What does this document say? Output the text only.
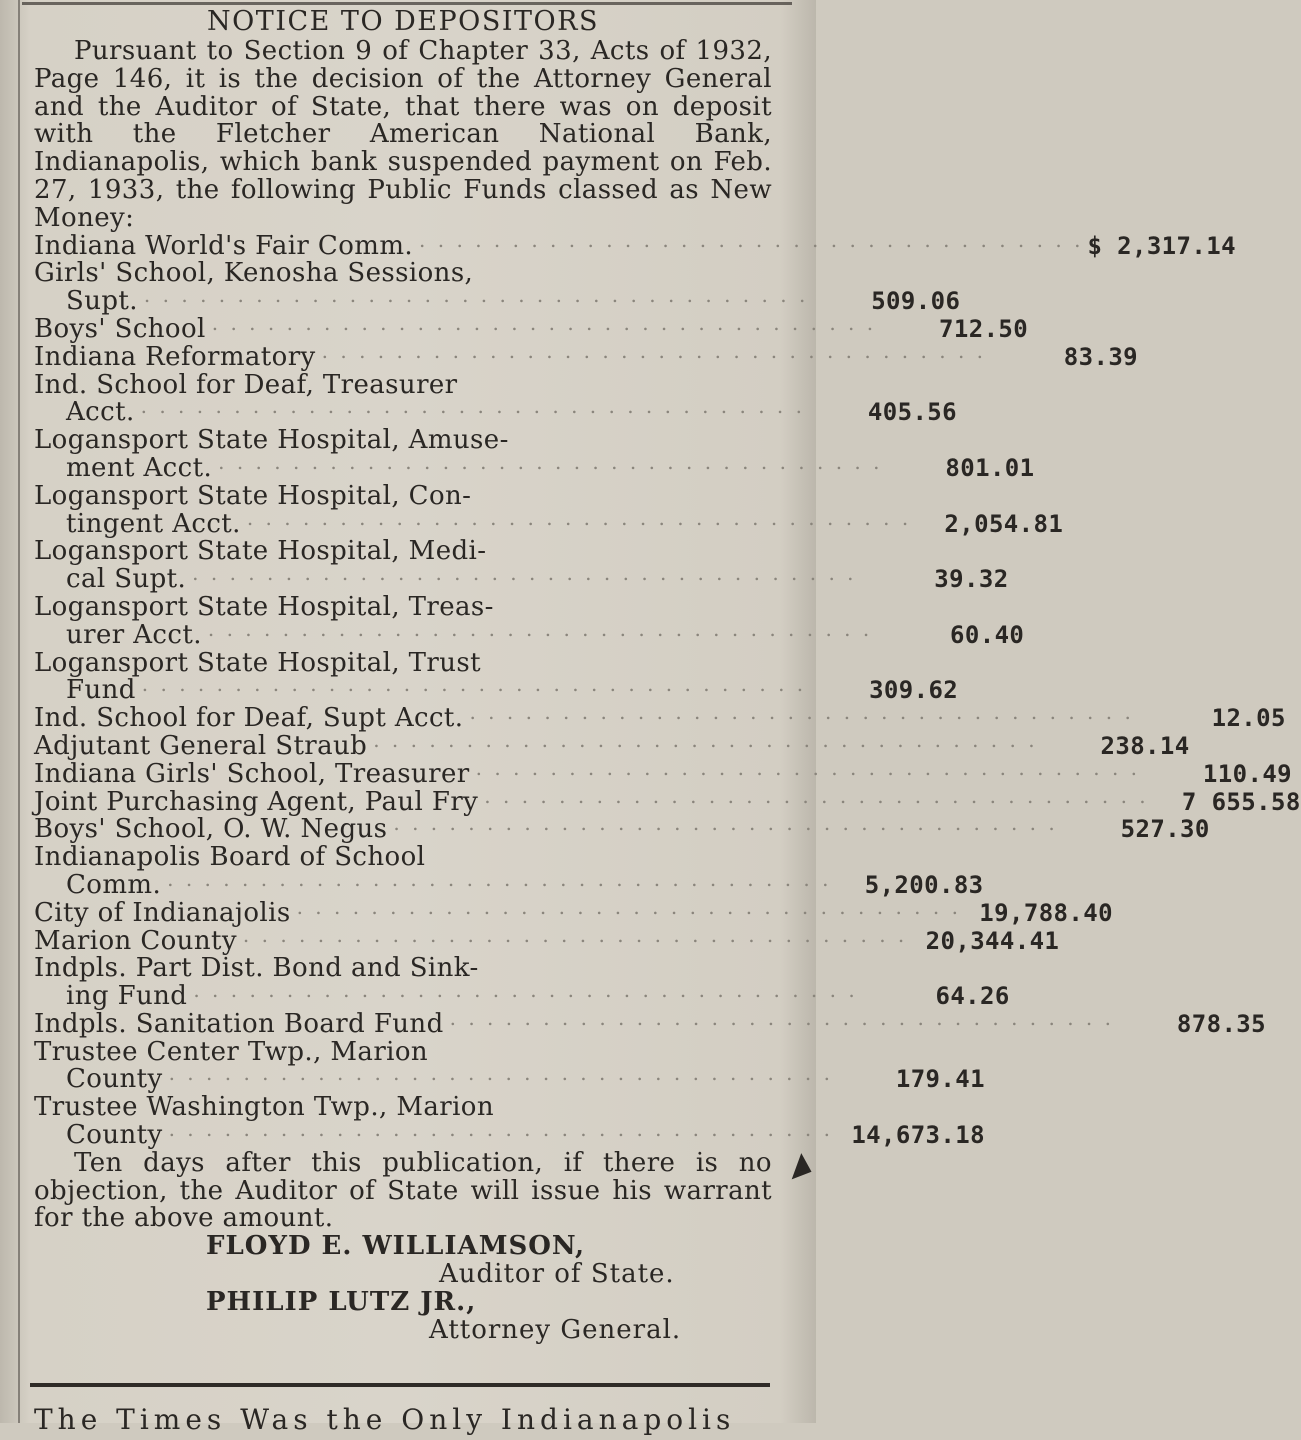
NOTICE TO DEPOSITORS
Pursuant to Section 9 of Chapter 33, Acts of 1932, Page 146, it is the decision of the Attorney General and the Auditor of State, that there was on deposit with the Fletcher American National Bank, Indianapolis, which bank suspended payment on Feb. 27, 1933, the following Public Funds classed as New Money:
Indiana World's Fair Comm. . . . . . . . . . . . . . . . . . . . . . . . . . . . . . . . . . . . . $ 2,317.14
Girls' School, Kenosha Sessions,
Supt. . . . . . . . . . . . . . . . . . . . . . . . . . . . . . . . . . . . .	509.06
Boys' School . . . . . . . . . . . . . . . . . . . . . . . . . . . . . . . . . . . .	712.50
Indiana Reformatory . . . . . . . . . . . . . . . . . . . . . . . . . . . . . . . . . . . .	83.39
Ind. School for Deaf, Treasurer
Acct. . . . . . . . . . . . . . . . . . . . . . . . . . . . . . . . . . . . .	405.56
Logansport State Hospital, Amuse-
ment Acct. . . . . . . . . . . . . . . . . . . . . . . . . . . . . . . . . . . . .	801.01
Logansport State Hospital, Con-
tingent Acct. . . . . . . . . . . . . . . . . . . . . . . . . . . . . . . . . . . . .	2,054.81
Logansport State Hospital, Medi-
cal Supt. . . . . . . . . . . . . . . . . . . . . . . . . . . . . . . . . . . . .	39.32
Logansport State Hospital, Treas-
urer Acct. . . . . . . . . . . . . . . . . . . . . . . . . . . . . . . . . . . . .	60.40
Logansport State Hospital, Trust
Fund . . . . . . . . . . . . . . . . . . . . . . . . . . . . . . . . . . . .	309.62
Ind. School for Deaf, Supt Acct. . . . . . . . . . . . . . . . . . . . . . . . . . . . . . . . . . . . .	12.05
Adjutant General Straub . . . . . . . . . . . . . . . . . . . . . . . . . . . . . . . . . . . .	238.14
Indiana Girls' School, Treasurer . . . . . . . . . . . . . . . . . . . . . . . . . . . . . . . . . . . .	110.49
Joint Purchasing Agent, Paul Fry . . . . . . . . . . . . . . . . . . . . . . . . . . . . . . . . . . . .	7 655.58
Boys' School, O. W. Negus . . . . . . . . . . . . . . . . . . . . . . . . . . . . . . . . . . . .	527.30
Indianapolis Board of School
Comm. . . . . . . . . . . . . . . . . . . . . . . . . . . . . . . . . . . . .	5,200.83
City of Indianajolis . . . . . . . . . . . . . . . . . . . . . . . . . . . . . . . . . . . . 19,788.40
Marion County . . . . . . . . . . . . . . . . . . . . . . . . . . . . . . . . . . . . 20,344.41
Indpls. Part Dist. Bond and Sink-
ing Fund . . . . . . . . . . . . . . . . . . . . . . . . . . . . . . . . . . . .	64.26
Indpls. Sanitation Board Fund . . . . . . . . . . . . . . . . . . . . . . . . . . . . . . . . . . . .	878.35
Trustee Center Twp., Marion
County . . . . . . . . . . . . . . . . . . . . . . . . . . . . . . . . . . . .	179.41
Trustee Washington Twp., Marion
County . . . . . . . . . . . . . . . . . . . . . . . . . . . . . . . . . . . . 14,673.18
Ten days after this publication, if there is no objection, the Auditor of State will issue his warrant for the above amount.
FLOYD E. WILLIAMSON,
Auditor of State.
PHILIP LUTZ JR.,
Attorney General.
The Times Was the Only Indianapolis
